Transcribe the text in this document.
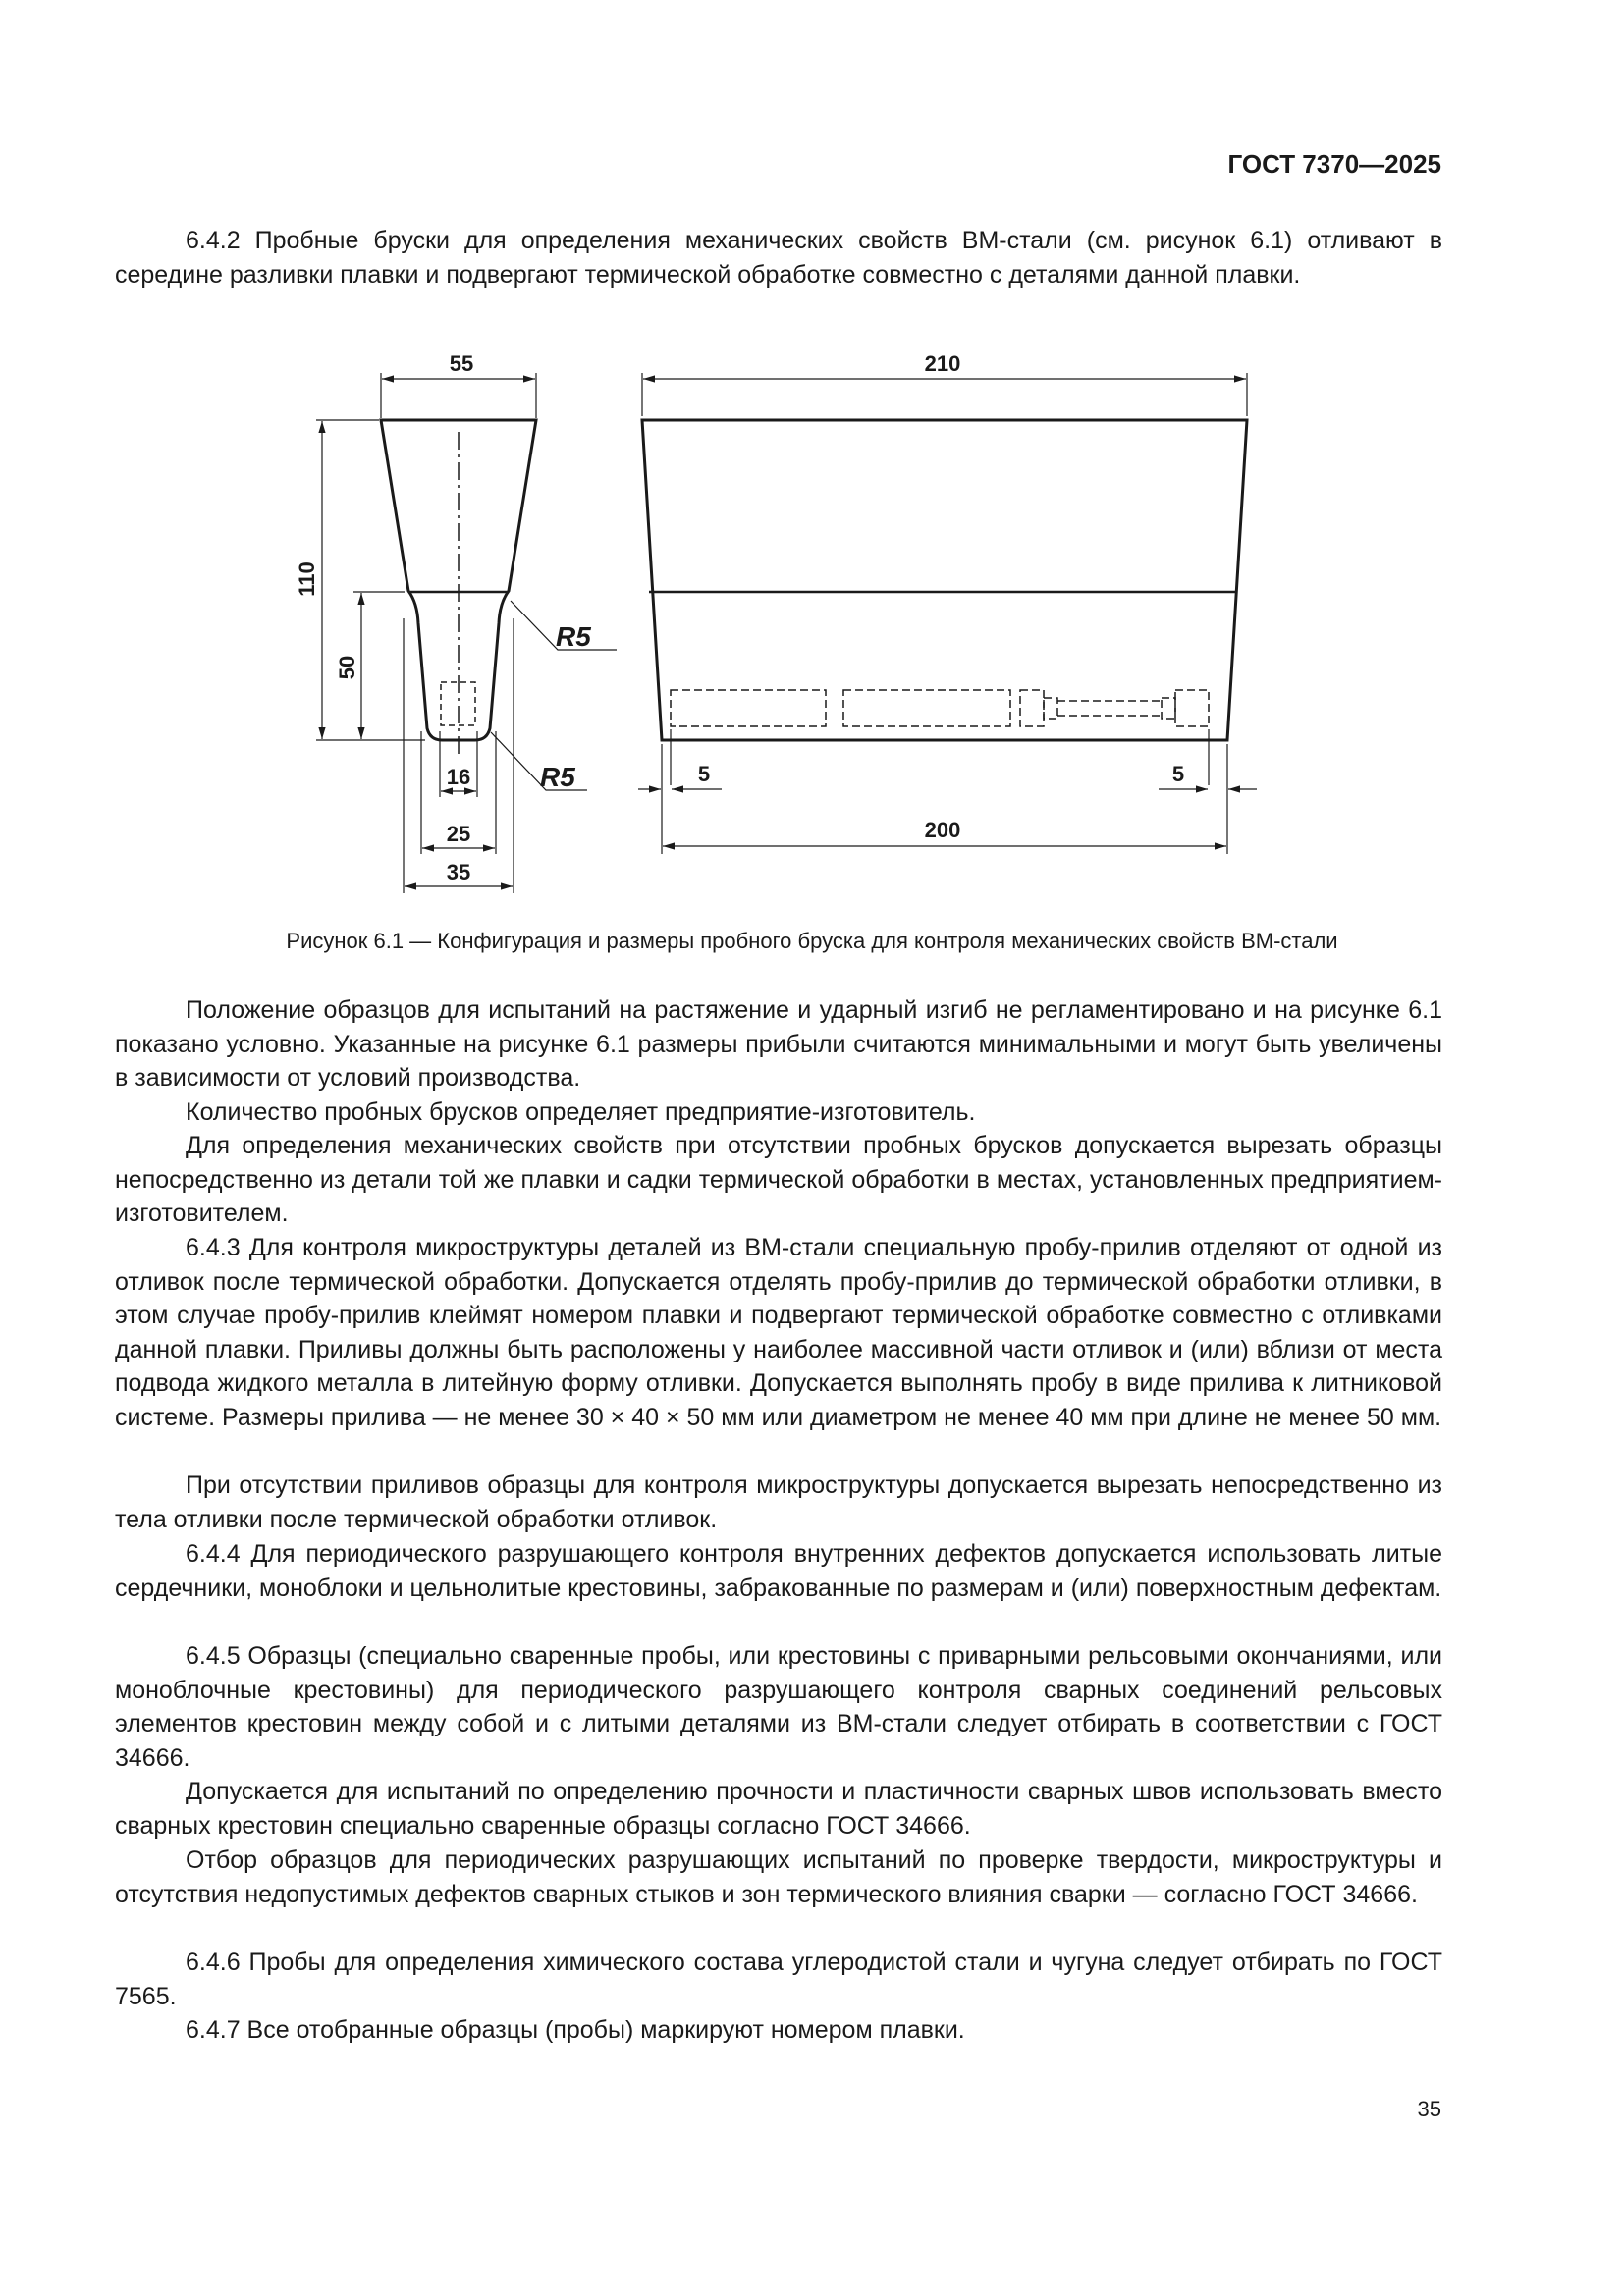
ГОСТ 7370—2025

6.4.2 Пробные бруски для определения механических свойств ВМ-стали (см. рисунок 6.1) отливают в середине разливки плавки и подвергают термической обработке совместно с деталями данной плавки.

55
110
50
R5
R5
16
25
35
210
5	5
200
Рисунок 6.1 — Конфигурация и размеры пробного бруска для контроля механических свойств ВМ-стали

Положение образцов для испытаний на растяжение и ударный изгиб не регламентировано и на рисунке 6.1 показано условно. Указанные на рисунке 6.1 размеры прибыли считаются минимальными и могут быть увеличены в зависимости от условий производства.

Количество пробных брусков определяет предприятие-изготовитель.

Для определения механических свойств при отсутствии пробных брусков допускается вырезать образцы непосредственно из детали той же плавки и садки термической обработки в местах, установленных предприятием-изготовителем.

6.4.3 Для контроля микроструктуры деталей из ВМ-стали специальную пробу-прилив отделяют от одной из отливок после термической обработки. Допускается отделять пробу-прилив до термической обработки отливки, в этом случае пробу-прилив клеймят номером плавки и подвергают термической обработке совместно с отливками данной плавки. Приливы должны быть расположены у наиболее массивной части отливок и (или) вблизи от места подвода жидкого металла в литейную форму отливки. Допускается выполнять пробу в виде прилива к литниковой системе. Размеры прилива — не менее 30 × 40 × 50 мм или диаметром не менее 40 мм при длине не менее 50 мм.

При отсутствии приливов образцы для контроля микроструктуры допускается вырезать непосредственно из тела отливки после термической обработки отливок.

6.4.4 Для периодического разрушающего контроля внутренних дефектов допускается использовать литые сердечники, моноблоки и цельнолитые крестовины, забракованные по размерам и (или) поверхностным дефектам.

6.4.5 Образцы (специально сваренные пробы, или крестовины с приварными рельсовыми окончаниями, или моноблочные крестовины) для периодического разрушающего контроля сварных соединений рельсовых элементов крестовин между собой и с литыми деталями из ВМ-стали следует отбирать в соответствии с ГОСТ 34666.

Допускается для испытаний по определению прочности и пластичности сварных швов использовать вместо сварных крестовин специально сваренные образцы согласно ГОСТ 34666.

Отбор образцов для периодических разрушающих испытаний по проверке твердости, микроструктуры и отсутствия недопустимых дефектов сварных стыков и зон термического влияния сварки — согласно ГОСТ 34666.

6.4.6 Пробы для определения химического состава углеродистой стали и чугуна следует отбирать по ГОСТ 7565.

6.4.7 Все отобранные образцы (пробы) маркируют номером плавки.

35
